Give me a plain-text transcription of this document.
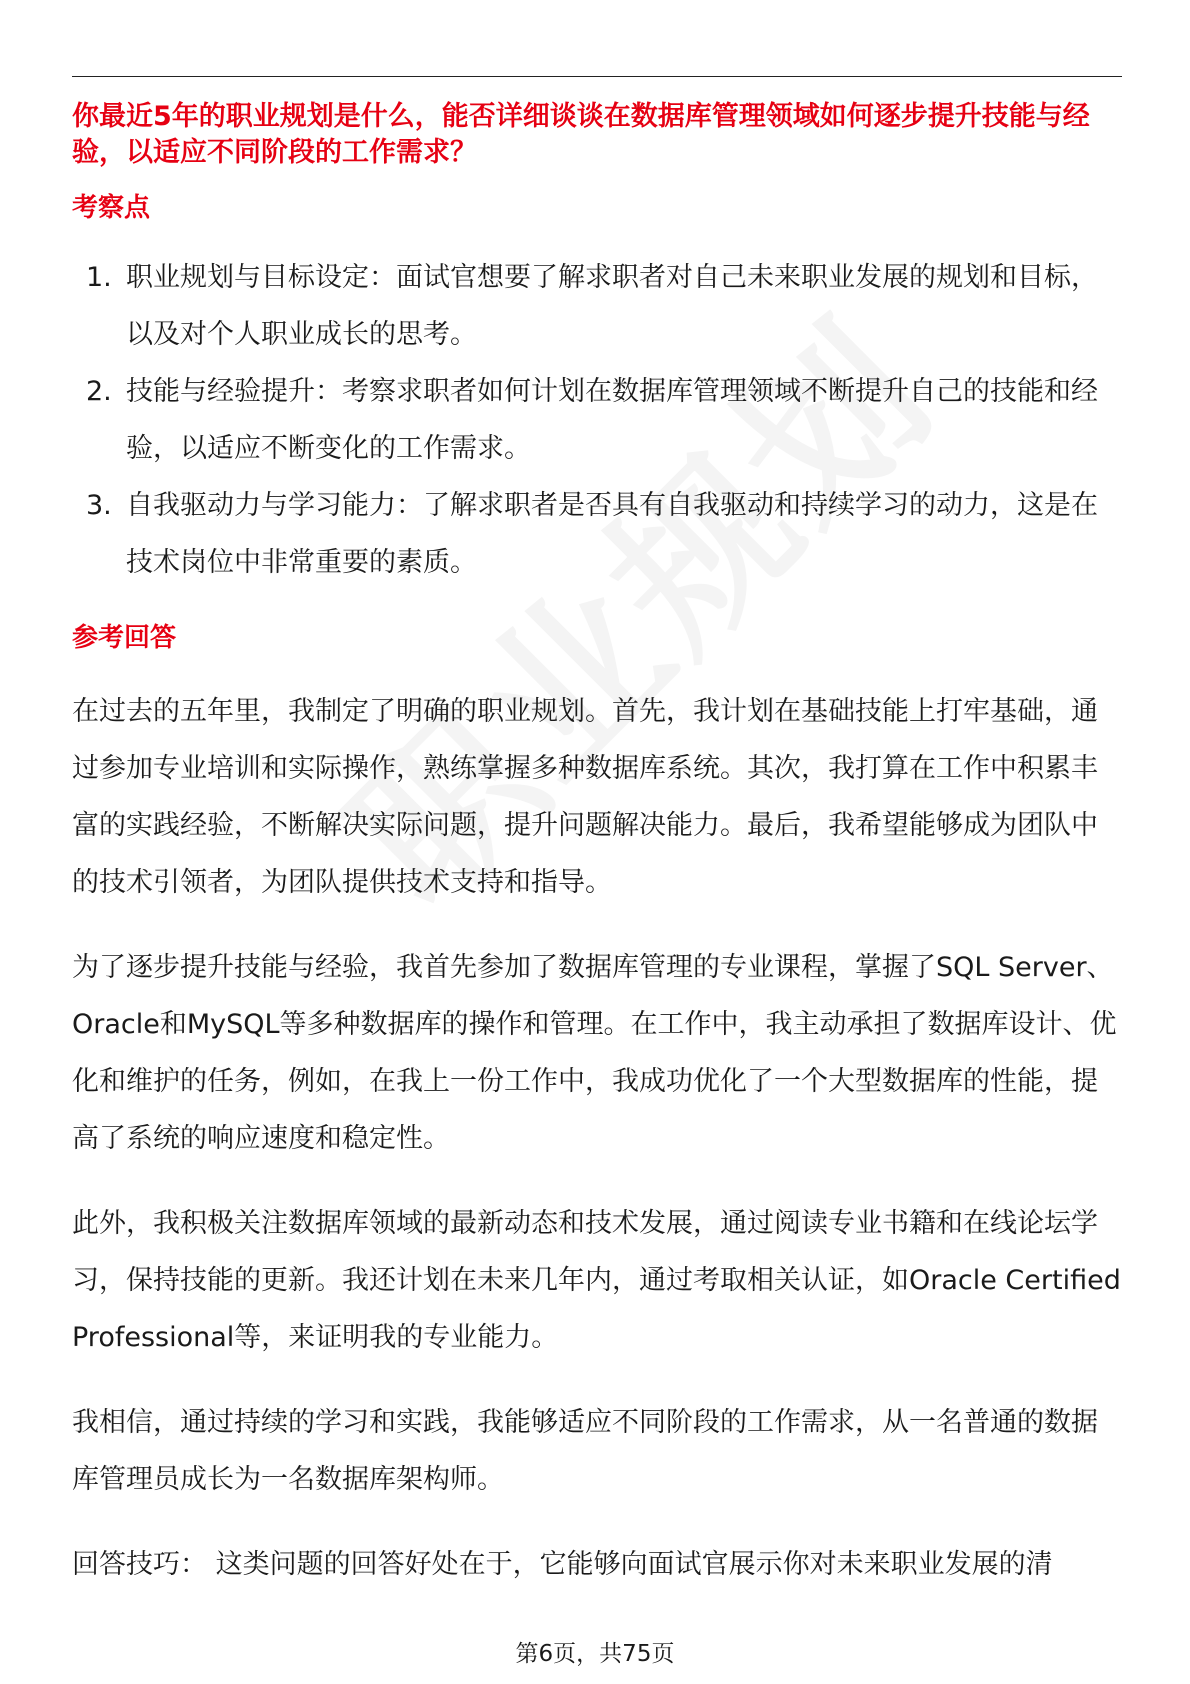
你最近5年的职业规划是什么，能否详细谈谈在数据库管理领域如何逐步提升技能与经验，以适应不同阶段的工作需求？

考察点
1. 职业规划与目标设定：面试官想要了解求职者对自己未来职业发展的规划和目标，以及对个人职业成长的思考。
2. 技能与经验提升：考察求职者如何计划在数据库管理领域不断提升自己的技能和经验，以适应不断变化的工作需求。
3. 自我驱动力与学习能力：了解求职者是否具有自我驱动和持续学习的动力，这是在技术岗位中非常重要的素质。
参考回答

在过去的五年里，我制定了明确的职业规划。首先，我计划在基础技能上打牢基础，通过参加专业培训和实际操作，熟练掌握多种数据库系统。其次，我打算在工作中积累丰富的实践经验，不断解决实际问题，提升问题解决能力。最后，我希望能够成为团队中的技术引领者，为团队提供技术支持和指导。

为了逐步提升技能与经验，我首先参加了数据库管理的专业课程，掌握了SQL Server、Oracle和MySQL等多种数据库的操作和管理。在工作中，我主动承担了数据库设计、优化和维护的任务，例如，在我上一份工作中，我成功优化了一个大型数据库的性能，提高了系统的响应速度和稳定性。

此外，我积极关注数据库领域的最新动态和技术发展，通过阅读专业书籍和在线论坛学习，保持技能的更新。我还计划在未来几年内，通过考取相关认证，如Oracle Certified Professional等，来证明我的专业能力。

我相信，通过持续的学习和实践，我能够适应不同阶段的工作需求，从一名普通的数据库管理员成长为一名数据库架构师。

回答技巧： 这类问题的回答好处在于，它能够向面试官展示你对未来职业发展的清

第6页，共75页
